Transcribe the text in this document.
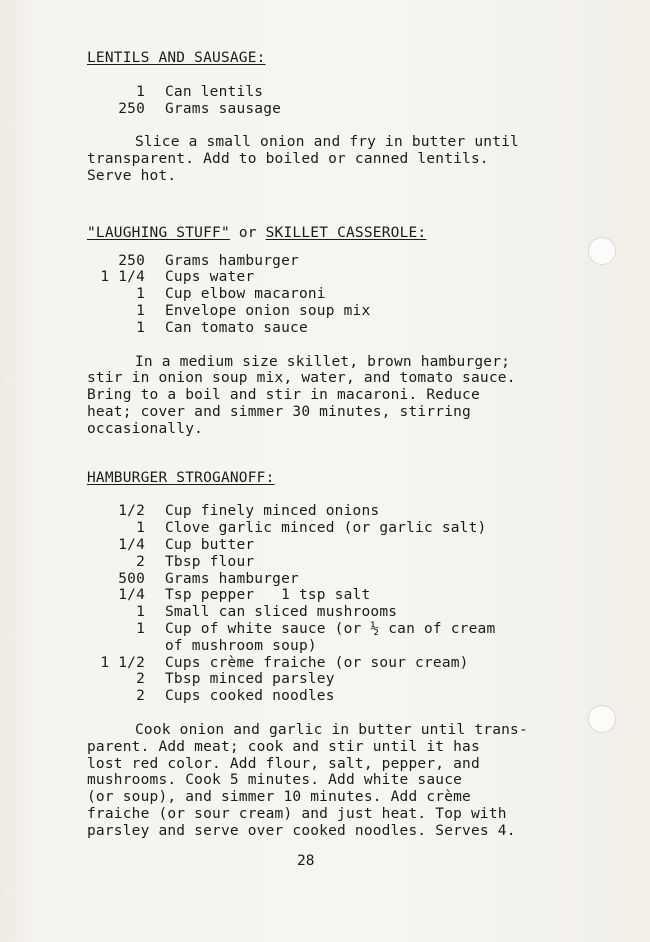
LENTILS AND SAUSAGE:
1	Can lentils
250	Grams sausage

Slice a small onion and fry in butter until

transparent. Add to boiled or canned lentils.

Serve hot.

"LAUGHING STUFF" or SKILLET CASSEROLE:
250	Grams hamburger
1 1/4	Cups water
1	Cup elbow macaroni
1	Envelope onion soup mix
1	Can tomato sauce

In a medium size skillet, brown hamburger;

stir in onion soup mix, water, and tomato sauce.

Bring to a boil and stir in macaroni. Reduce

heat; cover and simmer 30 minutes, stirring

occasionally.

HAMBURGER STROGANOFF:
1/2	Cup finely minced onions
1	Clove garlic minced (or garlic salt)
1/4	Cup butter
2	Tbsp flour
500	Grams hamburger
1/4	Tsp pepper   1 tsp salt
1	Small can sliced mushrooms
1	Cup of white sauce (or ½ can of cream
of mushroom soup)
1 1/2	Cups crème fraiche (or sour cream)
2	Tbsp minced parsley
2	Cups cooked noodles

Cook onion and garlic in butter until trans-

parent. Add meat; cook and stir until it has

lost red color. Add flour, salt, pepper, and

mushrooms. Cook 5 minutes. Add white sauce

(or soup), and simmer 10 minutes. Add crème

fraiche (or sour cream) and just heat. Top with

parsley and serve over cooked noodles. Serves 4.

28
